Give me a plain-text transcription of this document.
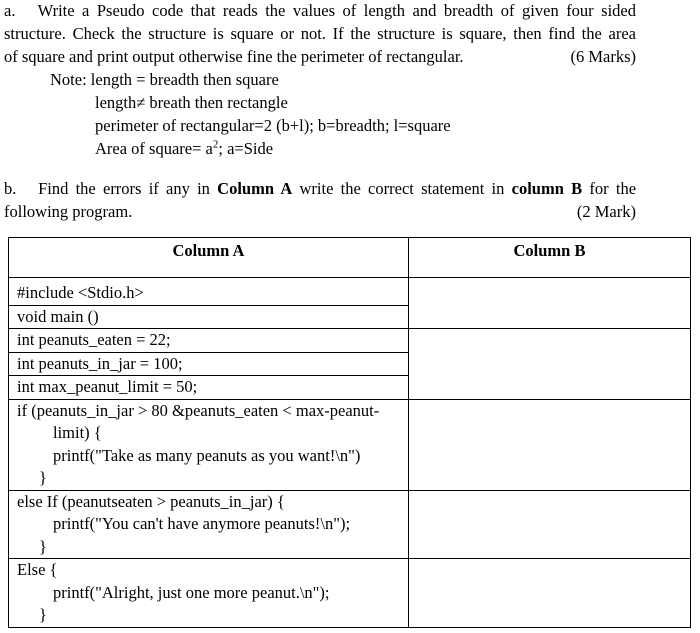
a. Write a Pseudo code that reads the values of length and breadth of given four sided
structure. Check the structure is square or not. If the structure is square, then find the area
of square and print output otherwise fine the perimeter of rectangular.	(6 Marks)
Note: length = breadth then square
length≠ breath then rectangle
perimeter of rectangular=2 (b+l); b=breadth; l=square
Area of square= $a^2$; a=Side
b. Find the errors if any in Column A write the correct statement in column B for the
following program.	(2 Mark)
Column A	Column B

#include <Stdio.h>	

void main ()	

int peanuts_eaten = 22;	

int peanuts_in_jar = 100;	

int max_peanut_limit = 50;	

if (peanuts_in_jar > 80 &peanuts_eaten < max-peanut-
limit) {
printf("Take as many peanuts as you want!\n")
}	

else If (peanutseaten > peanuts_in_jar) {
printf("You can't have anymore peanuts!\n");
}	

Else {
printf("Alright, just one more peanut.\n");
}	
